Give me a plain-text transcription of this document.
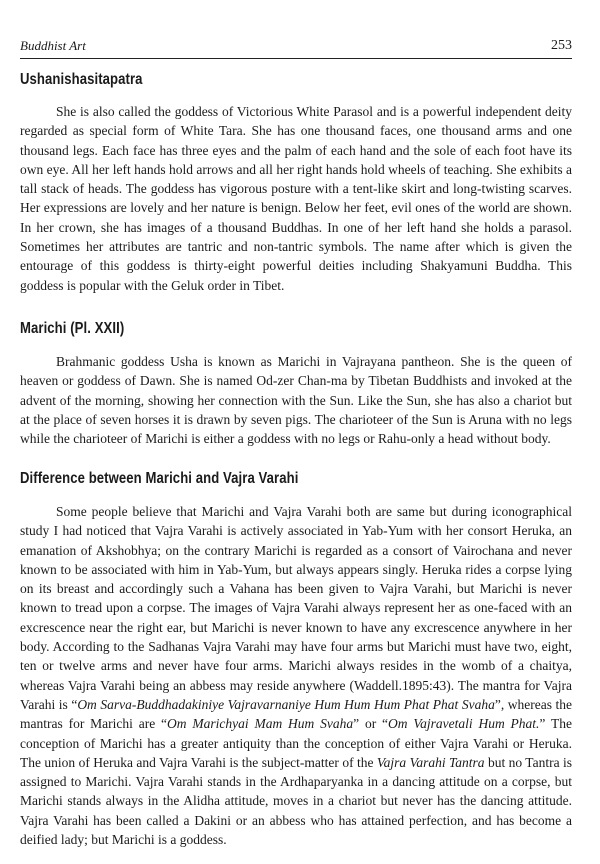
Buddhist Art	253
Ushanishasitapatra

She is also called the goddess of Victorious White Parasol and is a powerful independent deity regarded as special form of White Tara. She has one thousand faces, one thousand arms and one thousand legs. Each face has three eyes and the palm of each hand and the sole of each foot have its own eye. All her left hands hold arrows and all her right hands hold wheels of teaching. She exhibits a tall stack of heads. The goddess has vigorous posture with a tent-like skirt and long-twisting scarves. Her expressions are lovely and her nature is benign. Below her feet, evil ones of the world are shown. In her crown, she has images of a thousand Buddhas. In one of her left hand she holds a parasol. Sometimes her attributes are tantric and non-tantric symbols. The name after which is given the entourage of this goddess is thirty-eight powerful deities including Shakyamuni Buddha. This goddess is popular with the Geluk order in Tibet.

Marichi (Pl. XXII)

Brahmanic goddess Usha is known as Marichi in Vajrayana pantheon. She is the queen of heaven or goddess of Dawn. She is named Od-zer Chan-ma by Tibetan Buddhists and invoked at the advent of the morning, showing her connection with the Sun. Like the Sun, she has also a chariot but at the place of seven horses it is drawn by seven pigs. The charioteer of the Sun is Aruna with no legs while the charioteer of Marichi is either a goddess with no legs or Rahu-only a head without body.

Difference between Marichi and Vajra Varahi

Some people believe that Marichi and Vajra Varahi both are same but during iconographical study I had noticed that Vajra Varahi is actively associated in Yab-Yum with her consort Heruka, an emanation of Akshobhya; on the contrary Marichi is regarded as a consort of Vairochana and never known to be associated with him in Yab-Yum, but always appears singly. Heruka rides a corpse lying on its breast and accordingly such a Vahana has been given to Vajra Varahi, but Marichi is never known to tread upon a corpse. The images of Vajra Varahi always represent her as one-faced with an excrescence near the right ear, but Marichi is never known to have any excrescence anywhere in her body. According to the Sadhanas Vajra Varahi may have four arms but Marichi must have two, eight, ten or twelve arms and never have four arms. Marichi always resides in the womb of a chaitya, whereas Vajra Varahi being an abbess may reside anywhere (Waddell.1895:43). The mantra for Vajra Varahi is “Om Sarva-Buddhadakiniye Vajravarnaniye Hum Hum Hum Phat Phat Svaha”, whereas the mantras for Marichi are “Om Marichyai Mam Hum Svaha” or “Om Vajravetali Hum Phat.” The conception of Marichi has a greater antiquity than the conception of either Vajra Varahi or Heruka. The union of Heruka and Vajra Varahi is the subject-matter of the Vajra Varahi Tantra but no Tantra is assigned to Marichi. Vajra Varahi stands in the Ardhaparyanka in a dancing attitude on a corpse, but Marichi stands always in the Alidha attitude, moves in a chariot but never has the dancing attitude. Vajra Varahi has been called a Dakini or an abbess who has attained perfection, and has become a deified lady; but Marichi is a goddess.
